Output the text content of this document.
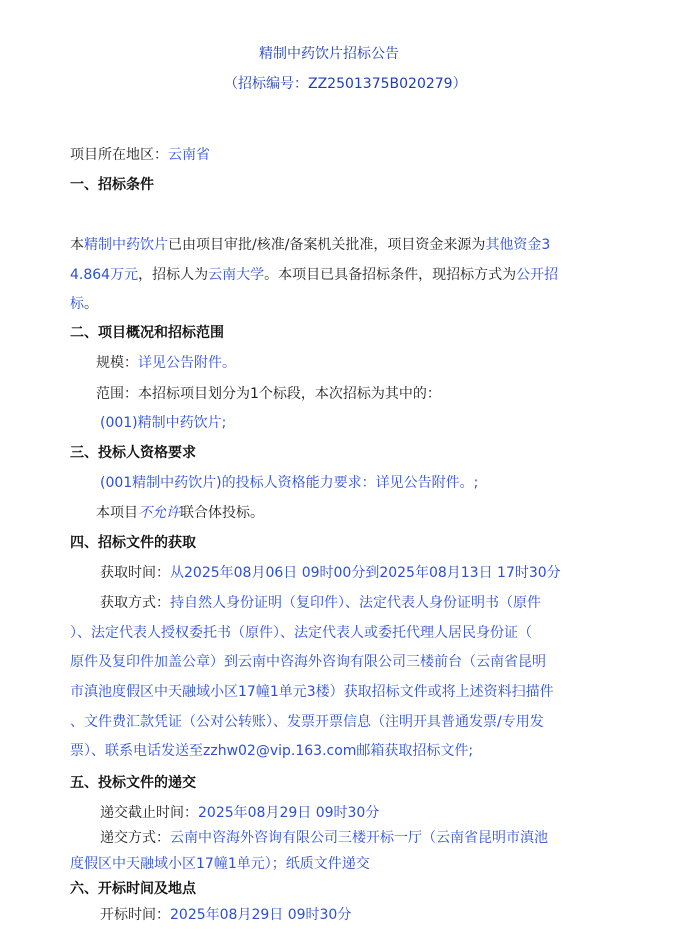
精制中药饮片招标公告
（招标编号：ZZ2501375B020279）
项目所在地区：云南省
一、招标条件
本精制中药饮片已由项目审批/核准/备案机关批准，项目资金来源为其他资金3
4.864万元，招标人为云南大学。本项目已具备招标条件，现招标方式为公开招
标。
二、项目概况和招标范围
规模：详见公告附件。
范围：本招标项目划分为1个标段，本次招标为其中的：
(001)精制中药饮片;
三、投标人资格要求
(001精制中药饮片)的投标人资格能力要求：详见公告附件。;
本项目不允许联合体投标。
四、招标文件的获取
获取时间：从2025年08月06日 09时00分到2025年08月13日 17时30分
获取方式：持自然人身份证明（复印件）、法定代表人身份证明书（原件
）、法定代表人授权委托书（原件）、法定代表人或委托代理人居民身份证（
原件及复印件加盖公章）到云南中咨海外咨询有限公司三楼前台（云南省昆明
市滇池度假区中天融域小区17幢1单元3楼）获取招标文件或将上述资料扫描件
、文件费汇款凭证（公对公转账）、发票开票信息（注明开具普通发票/专用发
票）、联系电话发送至zzhw02@vip.163.com邮箱获取招标文件;
五、投标文件的递交
递交截止时间：2025年08月29日 09时30分
递交方式：云南中咨海外咨询有限公司三楼开标一厅（云南省昆明市滇池
度假区中天融域小区17幢1单元）；纸质文件递交
六、开标时间及地点
开标时间：2025年08月29日 09时30分
